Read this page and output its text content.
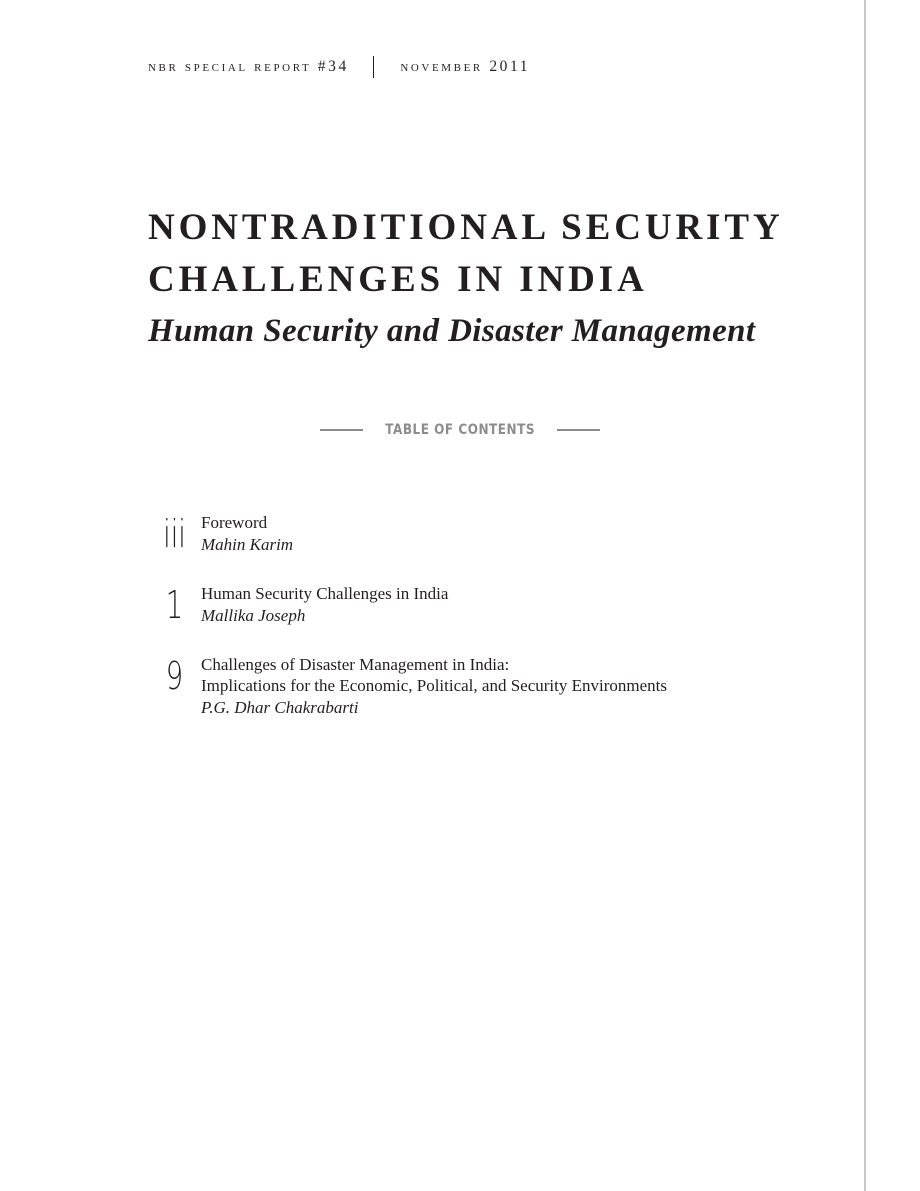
nbr special report #34	november 2011
NONTRADITIONAL SECURITY
CHALLENGES IN INDIA
Human Security and Disaster Management
TABLE OF CONTENTS
iii Foreword
Mahin Karim
1	Human Security Challenges in India
Mallika Joseph
9	Challenges of Disaster Management in India:
Implications for the Economic, Political, and Security Environments
P.G. Dhar Chakrabarti
